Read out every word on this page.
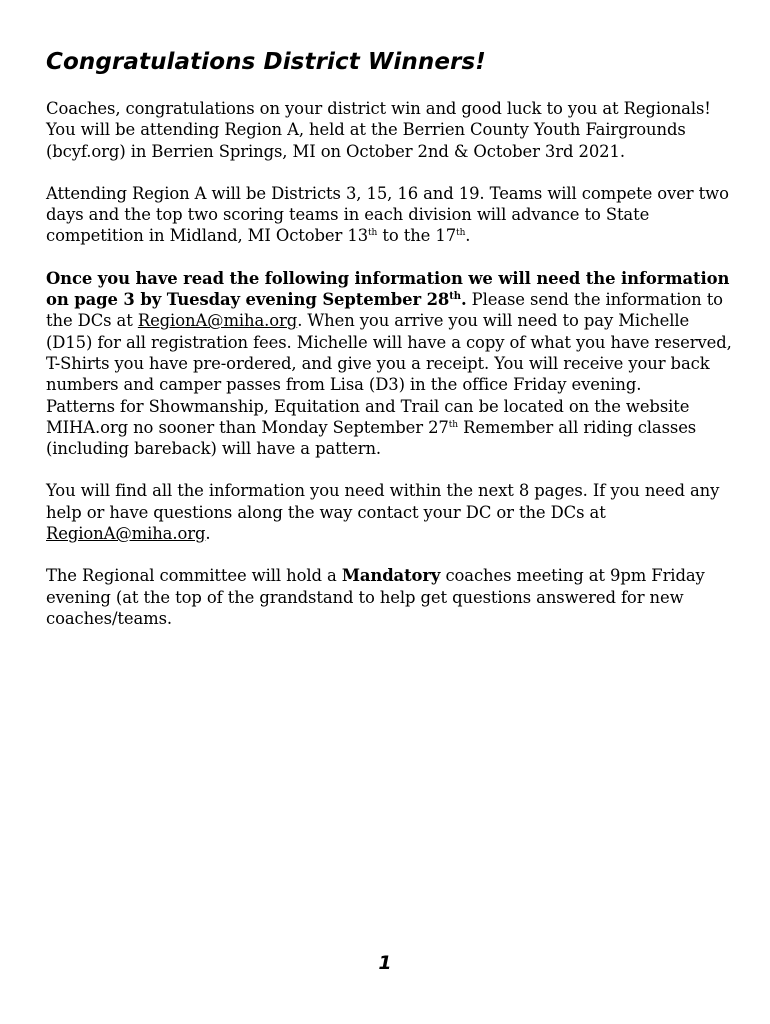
Congratulations District Winners!

Coaches, congratulations on your district win and good luck to you at Regionals! You will be attending Region A, held at the Berrien County Youth Fairgrounds (bcyf.org) in Berrien Springs, MI on October 2nd & October 3rd 2021.

Attending Region A will be Districts 3, 15, 16 and 19. Teams will compete over two days and the top two scoring teams in each division will advance to State competition in Midland, MI October 13th to the 17th.

Once you have read the following information we will need the information on page 3 by Tuesday evening September 28th. Please send the information to the DCs at RegionA@miha.org. When you arrive you will need to pay Michelle (D15) for all registration fees. Michelle will have a copy of what you have reserved, T-Shirts you have pre-ordered, and give you a receipt. You will receive your back numbers and camper passes from Lisa (D3) in the office Friday evening.

Patterns for Showmanship, Equitation and Trail can be located on the website MIHA.org no sooner than Monday September 27th Remember all riding classes (including bareback) will have a pattern.

You will find all the information you need within the next 8 pages. If you need any help or have questions along the way contact your DC or the DCs at RegionA@miha.org.

The Regional committee will hold a Mandatory coaches meeting at 9pm Friday evening (at the top of the grandstand to help get questions answered for new coaches/teams.

1
